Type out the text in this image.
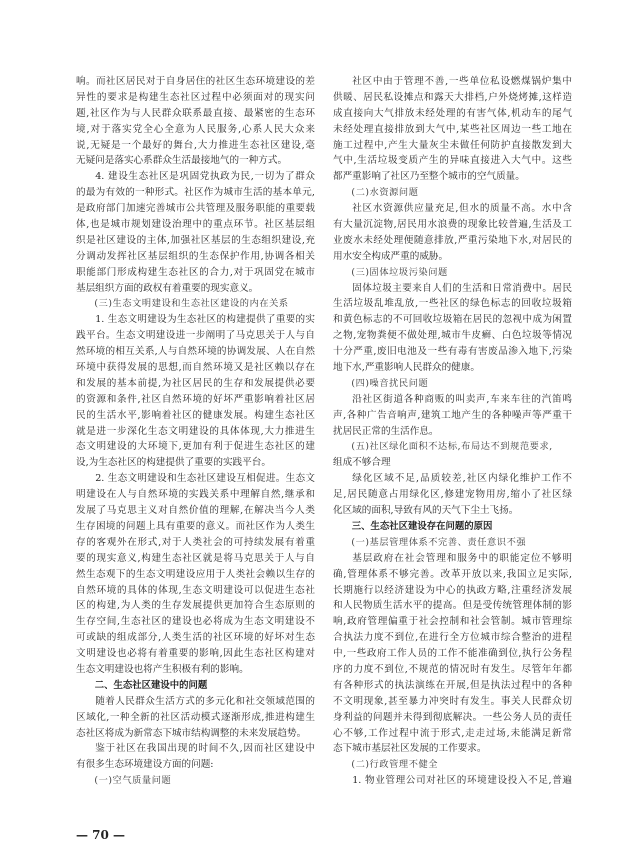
响。而社区居民对于自身居住的社区生态环境建设的差
异性的要求是构建生态社区过程中必须面对的现实问
题,社区作为与人民群众联系最直接、最紧密的生态环
境,对于落实党全心全意为人民服务,心系人民大众来
说,无疑是一个最好的舞台,大力推进生态社区建设,毫
无疑问是落实心系群众生活最接地气的一种方式。
4. 建设生态社区是巩固党执政为民,一切为了群众
的最为有效的一种形式。社区作为城市生活的基本单元,
是政府部门加速完善城市公共管理及服务职能的重要载
体,也是城市规划建设治理中的重点环节。社区基层组
织是社区建设的主体,加强社区基层的生态组织建设,充
分调动发挥社区基层组织的生态保护作用,协调各相关
职能部门形成构建生态社区的合力,对于巩固党在城市
基层组织方面的政权有着重要的现实意义。
(三)生态文明建设和生态社区建设的内在关系
1. 生态文明建设为生态社区的构建提供了重要的实
践平台。生态文明建设进一步阐明了马克思关于人与自
然环境的相互关系,人与自然环境的协调发展、人在自然
环境中获得发展的思想,而自然环境又是社区赖以存在
和发展的基本前提,为社区居民的生存和发展提供必要
的资源和条件,社区自然环境的好坏严重影响着社区居
民的生活水平,影响着社区的健康发展。构建生态社区
就是进一步深化生态文明建设的具体体现,大力推进生
态文明建设的大环境下,更加有利于促进生态社区的建
设,为生态社区的构建提供了重要的实践平台。
2. 生态文明建设和生态社区建设互相促进。生态文
明建设在人与自然环境的实践关系中理解自然,继承和
发展了马克思主义对自然价值的理解,在解决当今人类
生存困境的问题上具有重要的意义。而社区作为人类生
存的客观外在形式,对于人类社会的可持续发展有着重
要的现实意义,构建生态社区就是将马克思关于人与自
然生态观下的生态文明建设应用于人类社会赖以生存的
自然环境的具体的体现,生态文明建设可以促进生态社
区的构建,为人类的生存发展提供更加符合生态原则的
生存空间,生态社区的建设也必将成为生态文明建设不
可或缺的组成部分,人类生活的社区环境的好坏对生态
文明建设也必将有着重要的影响,因此生态社区构建对
生态文明建设也将产生积极有利的影响。
二、生态社区建设中的问题
随着人民群众生活方式的多元化和社交领域范围的
区域化,一种全新的社区活动模式逐渐形成,推进构建生
态社区将成为新常态下城市结构调整的未来发展趋势。
鉴于社区在我国出现的时间不久,因而社区建设中
有很多生态环境建设方面的问题:
(一)空气质量问题
社区中由于管理不善,一些单位私设燃煤锅炉集中
供暖、居民私设摊点和露天大排档,户外烧烤摊,这样造
成直接向大气排放未经处理的有害气体,机动车的尾气
未经处理直接排放到大气中,某些社区周边一些工地在
施工过程中,产生大量灰尘未做任何防护直接散发到大
气中,生活垃圾变质产生的异味直接进入大气中。这些
都严重影响了社区乃至整个城市的空气质量。
(二)水资源问题
社区水资源供应量充足,但水的质量不高。水中含
有大量沉淀物,居民用水浪费的现象比较普遍,生活及工
业废水未经处理便随意排放,严重污染地下水,对居民的
用水安全构成严重的威胁。
(三)固体垃圾污染问题
固体垃圾主要来自人们的生活和日常消费中。居民
生活垃圾乱堆乱放,一些社区的绿色标志的回收垃圾箱
和黄色标志的不可回收垃圾箱在居民的忽视中成为闲置
之物,宠物粪便不做处理,城市牛皮癣、白色垃圾等情况
十分严重,废旧电池及一些有毒有害废品渗入地下,污染
地下水,严重影响人民群众的健康。
(四)噪音扰民问题
沿社区街道各种商贩的叫卖声,车来车往的汽笛鸣
声,各种广告音响声,建筑工地产生的各种噪声等严重干
扰居民正常的生活作息。
(五)社区绿化面积不达标,布局达不到规范要求,
组成不够合理
绿化区域不足,品质较差,社区内绿化维护工作不
足,居民随意占用绿化区,修建宠物用房,缩小了社区绿
化区域的面积,导致有风的天气下尘土飞扬。
三、生态社区建设存在问题的原因
(一)基层管理体系不完善、责任意识不强
基层政府在社会管理和服务中的职能定位不够明
确,管理体系不够完善。改革开放以来,我国立足实际,
长期施行以经济建设为中心的执政方略,注重经济发展
和人民物质生活水平的提高。但是受传统管理体制的影
响,政府管理偏重于社会控制和社会管制。城市管理综
合执法力度不到位,在进行全方位城市综合整治的进程
中,一些政府工作人员的工作不能准确到位,执行公务程
序的力度不到位,不规范的情况时有发生。尽管年年都
有各种形式的执法演练在开展,但是执法过程中的各种
不文明现象,甚至暴力冲突时有发生。事关人民群众切
身利益的问题并未得到彻底解决。一些公务人员的责任
心不够,工作过程中流于形式,走走过场,未能满足新常
态下城市基层社区发展的工作要求。
(二)行政管理不健全
1. 物业管理公司对社区的环境建设投入不足,普遍
— 70 —
